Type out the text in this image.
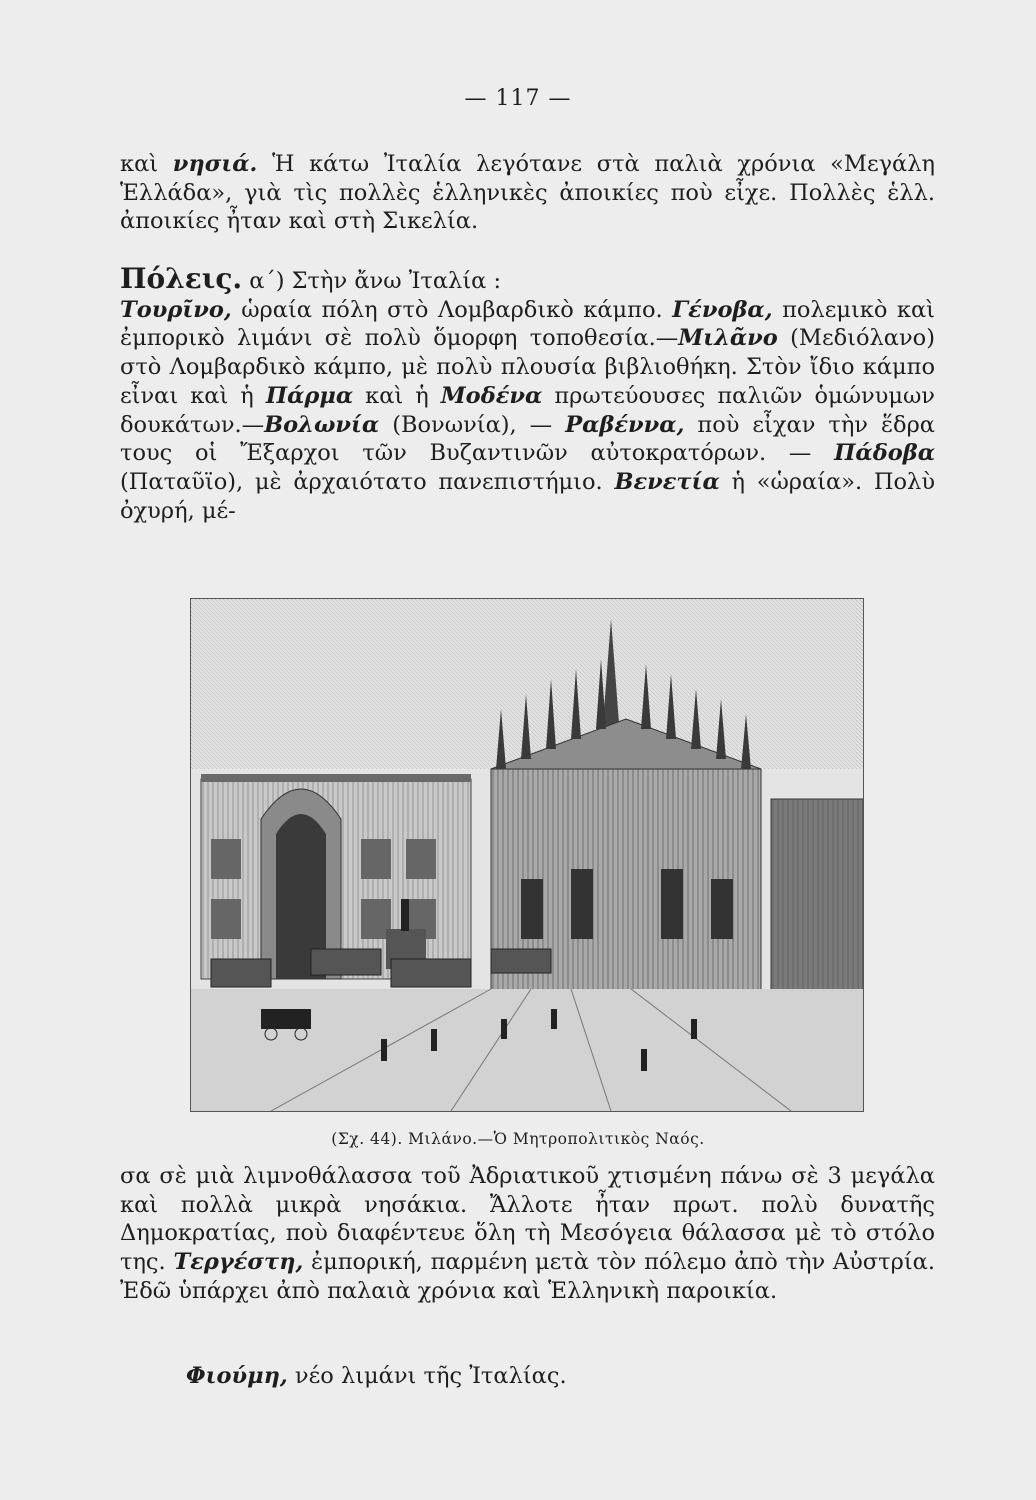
— 117 —

καὶ νησιά. Ἡ κάτω Ἰταλία λεγότανε στὰ παλιὰ χρόνια «Μεγάλη Ἑλλάδα», γιὰ τὶς πολλὲς ἑλληνικὲς ἀποικίες ποὺ εἶχε. Πολλὲς ἑλλ. ἀποικίες ἦταν καὶ στὴ Σικελία.

Πόλεις. α΄) Στὴν ἄνω Ἰταλία :
Τουρῖνο, ὡραία πόλη στὸ Λομβαρδικὸ κάμπο. Γένοβα, πολεμικὸ καὶ ἐμπορικὸ λιμάνι σὲ πολὺ ὅμορφη τοποθεσία.—Μιλᾶνο (Μεδιόλανο) στὸ Λομβαρδικὸ κάμπο, μὲ πολὺ πλουσία βιβλιοθήκη. Στὸν ἴδιο κάμπο εἶναι καὶ ἡ Πάρμα καὶ ἡ Μοδένα πρωτεύουσες παλιῶν ὁμώνυμων δουκάτων.—Βολωνία (Βονωνία), — Ραβέννα, ποὺ εἶχαν τὴν ἕδρα τους οἱ Ἔξαρχοι τῶν Βυζαντινῶν αὐτοκρατόρων. — Πάδοβα (Παταῦϊο), μὲ ἀρχαιότατο πανεπιστήμιο. Βενετία ἡ «ὡραία». Πολὺ ὀχυρή, μέ-

(Σχ. 44). Μιλάνο.—Ὁ Μητροπολιτικὸς Ναός.

σα σὲ μιὰ λιμνοθάλασσα τοῦ Ἀδριατικοῦ χτισμένη πάνω σὲ 3 μεγάλα καὶ πολλὰ μικρὰ νησάκια. Ἄλλοτε ἦταν πρωτ. πολὺ δυνατῆς Δημοκρατίας, ποὺ διαφέντευε ὅλη τὴ Μεσόγεια θάλασσα μὲ τὸ στόλο της. Τεργέστη, ἐμπορική, παρμένη μετὰ τὸν πόλεμο ἀπὸ τὴν Αὐστρία. Ἐδῶ ὑπάρχει ἀπὸ παλαιὰ χρόνια καὶ Ἑλληνικὴ παροικία.

Φιούμη, νέο λιμάνι τῆς Ἰταλίας.
